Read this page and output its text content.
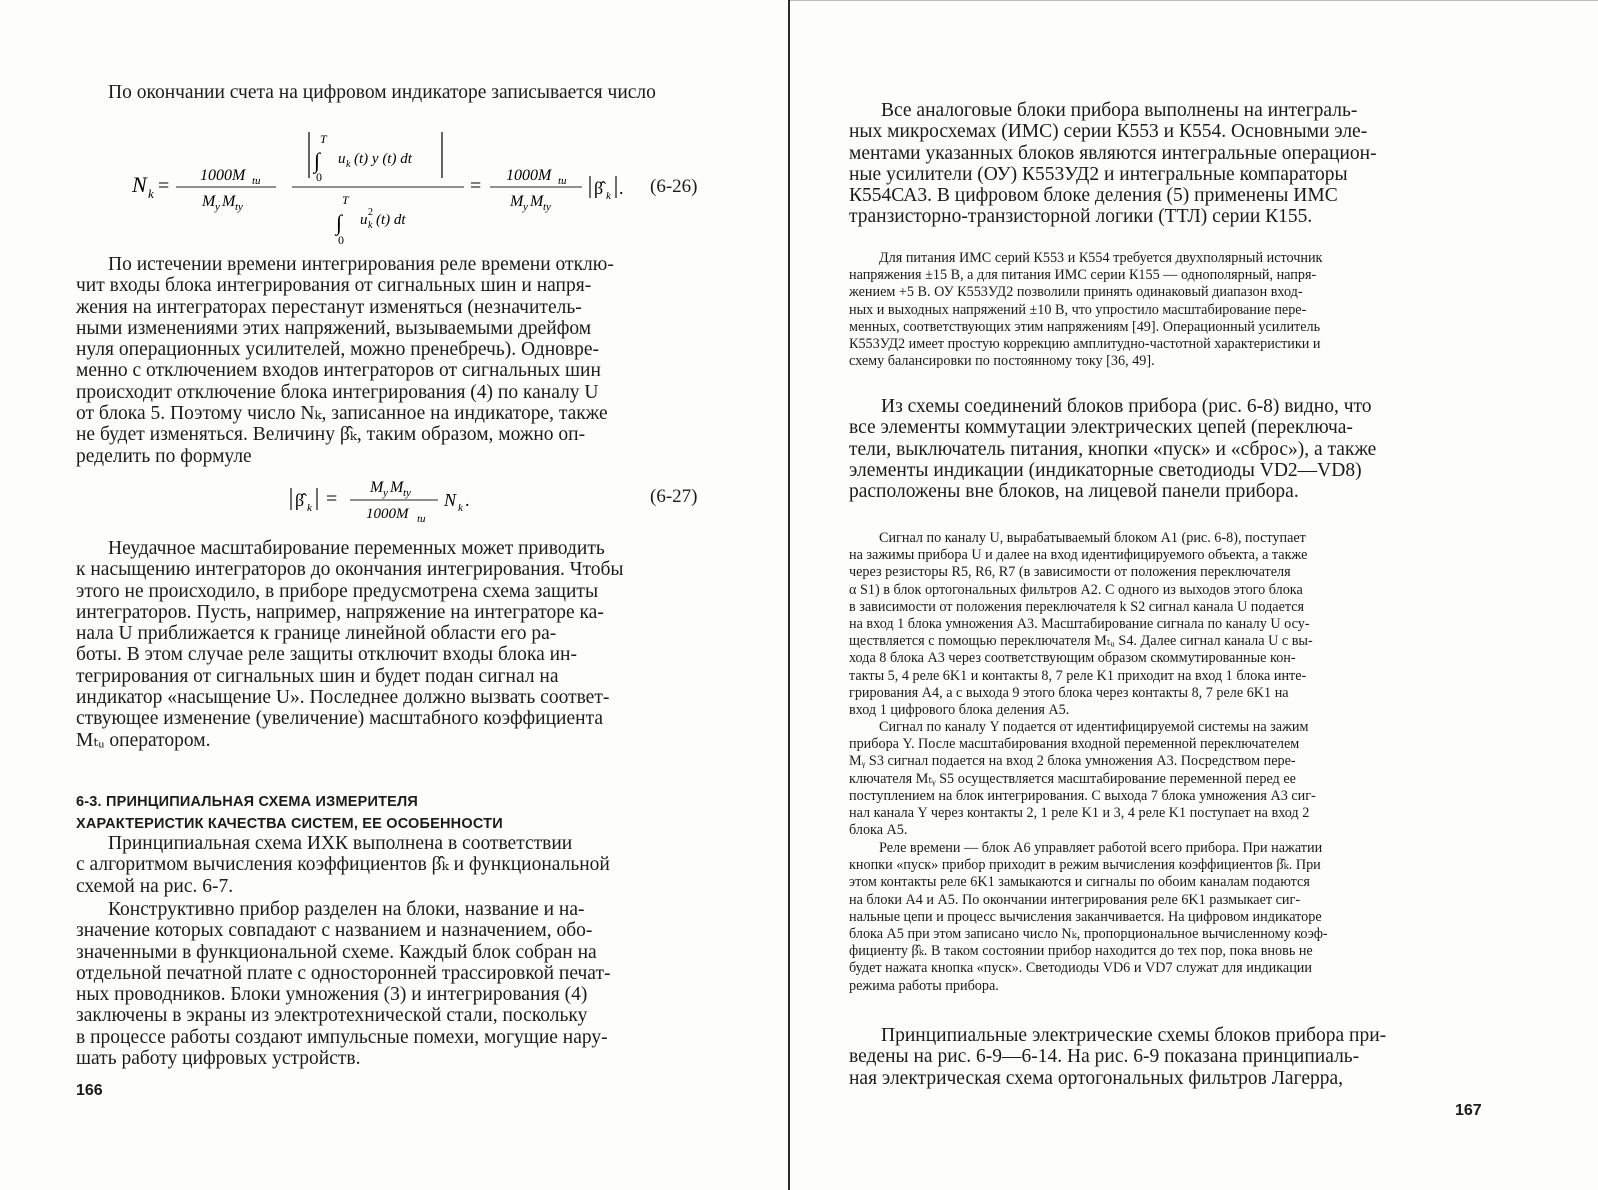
По окончании счета на цифровом индикаторе записывается число
N k = 1000M tu
M y M ty
T
∫
0
u k (t) y (t) dt
T
∫
0
u k
2 (t) dt
= 1000M tu
M y M ty
β̂ k . (6-26)
По истечении времени интегрирования реле времени отклю-
чит входы блока интегрирования от сигнальных шин и напря-
жения на интеграторах перестанут изменяться (незначитель-
ными изменениями этих напряжений, вызываемыми дрейфом
нуля операционных усилителей, можно пренебречь). Одновре-
менно с отключением входов интеграторов от сигнальных шин
происходит отключение блока интегрирования (4) по каналу U
от блока 5. Поэтому число Nₖ, записанное на индикаторе, также
не будет изменяться. Величину β̂ₖ, таким образом, можно оп-
ределить по формуле
β̂ k =
M y M ty
1000M tu
N k .	(6-27)
Неудачное масштабирование переменных может приводить
к насыщению интеграторов до окончания интегрирования. Чтобы
этого не происходило, в приборе предусмотрена схема защиты
интеграторов. Пусть, например, напряжение на интеграторе ка-
нала U приближается к границе линейной области его ра-
боты. В этом случае реле защиты отключит входы блока ин-
тегрирования от сигнальных шин и будет подан сигнал на
индикатор «насыщение U». Последнее должно вызвать соответ-
ствующее изменение (увеличение) масштабного коэффициента
Mₜᵤ оператором.
6-3. ПРИНЦИПИАЛЬНАЯ СХЕМА ИЗМЕРИТЕЛЯ
ХАРАКТЕРИСТИК КАЧЕСТВА СИСТЕМ, ЕЕ ОСОБЕННОСТИ
Принципиальная схема ИХК выполнена в соответствии
с алгоритмом вычисления коэффициентов β̂ₖ и функциональной
схемой на рис. 6-7.
Конструктивно прибор разделен на блоки, название и на-
значение которых совпадают с названием и назначением, обо-
значенными в функциональной схеме. Каждый блок собран на
отдельной печатной плате с односторонней трассировкой печат-
ных проводников. Блоки умножения (3) и интегрирования (4)
заключены в экраны из электротехнической стали, поскольку
в процессе работы создают импульсные помехи, могущие нару-
шать работу цифровых устройств.
166
Все аналоговые блоки прибора выполнены на интеграль-
ных микросхемах (ИМС) серии К553 и К554. Основными эле-
ментами указанных блоков являются интегральные операцион-
ные усилители (ОУ) К553УД2 и интегральные компараторы
К554СА3. В цифровом блоке деления (5) применены ИМС
транзисторно-транзисторной логики (ТТЛ) серии К155.
Для питания ИМС серий К553 и К554 требуется двухполярный источник
напряжения ±15 В, а для питания ИМС серии К155 — однополярный, напря-
жением +5 В. ОУ К553УД2 позволили принять одинаковый диапазон вход-
ных и выходных напряжений ±10 В, что упростило масштабирование пере-
менных, соответствующих этим напряжениям [49]. Операционный усилитель
К553УД2 имеет простую коррекцию амплитудно-частотной характеристики и
схему балансировки по постоянному току [36, 49].
Из схемы соединений блоков прибора (рис. 6-8) видно, что
все элементы коммутации электрических цепей (переключа-
тели, выключатель питания, кнопки «пуск» и «сброс»), а также
элементы индикации (индикаторные светодиоды VD2—VD8)
расположены вне блоков, на лицевой панели прибора.
Сигнал по каналу U, вырабатываемый блоком A1 (рис. 6-8), поступает
на зажимы прибора U и далее на вход идентифицируемого объекта, а также
через резисторы R5, R6, R7 (в зависимости от положения переключателя
α S1) в блок ортогональных фильтров A2. С одного из выходов этого блока
в зависимости от положения переключателя k S2 сигнал канала U подается
на вход 1 блока умножения A3. Масштабирование сигнала по каналу U осу-
ществляется с помощью переключателя Mₜᵤ S4. Далее сигнал канала U с вы-
хода 8 блока A3 через соответствующим образом скоммутированные кон-
такты 5, 4 реле 6K1 и контакты 8, 7 реле K1 приходит на вход 1 блока инте-
грирования A4, а с выхода 9 этого блока через контакты 8, 7 реле 6K1 на
вход 1 цифрового блока деления A5.
Сигнал по каналу Y подается от идентифицируемой системы на зажим
прибора Y. После масштабирования входной переменной переключателем
Mᵧ S3 сигнал подается на вход 2 блока умножения A3. Посредством пере-
ключателя Mₜᵧ S5 осуществляется масштабирование переменной перед ее
поступлением на блок интегрирования. С выхода 7 блока умножения A3 сиг-
нал канала Y через контакты 2, 1 реле K1 и 3, 4 реле K1 поступает на вход 2
блока A5.
Реле времени — блок A6 управляет работой всего прибора. При нажатии
кнопки «пуск» прибор приходит в режим вычисления коэффициентов β̂ₖ. При
этом контакты реле 6K1 замыкаются и сигналы по обоим каналам подаются
на блоки A4 и A5. По окончании интегрирования реле 6K1 размыкает сиг-
нальные цепи и процесс вычисления заканчивается. На цифровом индикаторе
блока A5 при этом записано число Nₖ, пропорциональное вычисленному коэф-
фициенту β̂ₖ. В таком состоянии прибор находится до тех пор, пока вновь не
будет нажата кнопка «пуск». Светодиоды VD6 и VD7 служат для индикации
режима работы прибора.
Принципиальные электрические схемы блоков прибора при-
ведены на рис. 6-9—6-14. На рис. 6-9 показана принципиаль-
ная электрическая схема ортогональных фильтров Лагерра,
167
